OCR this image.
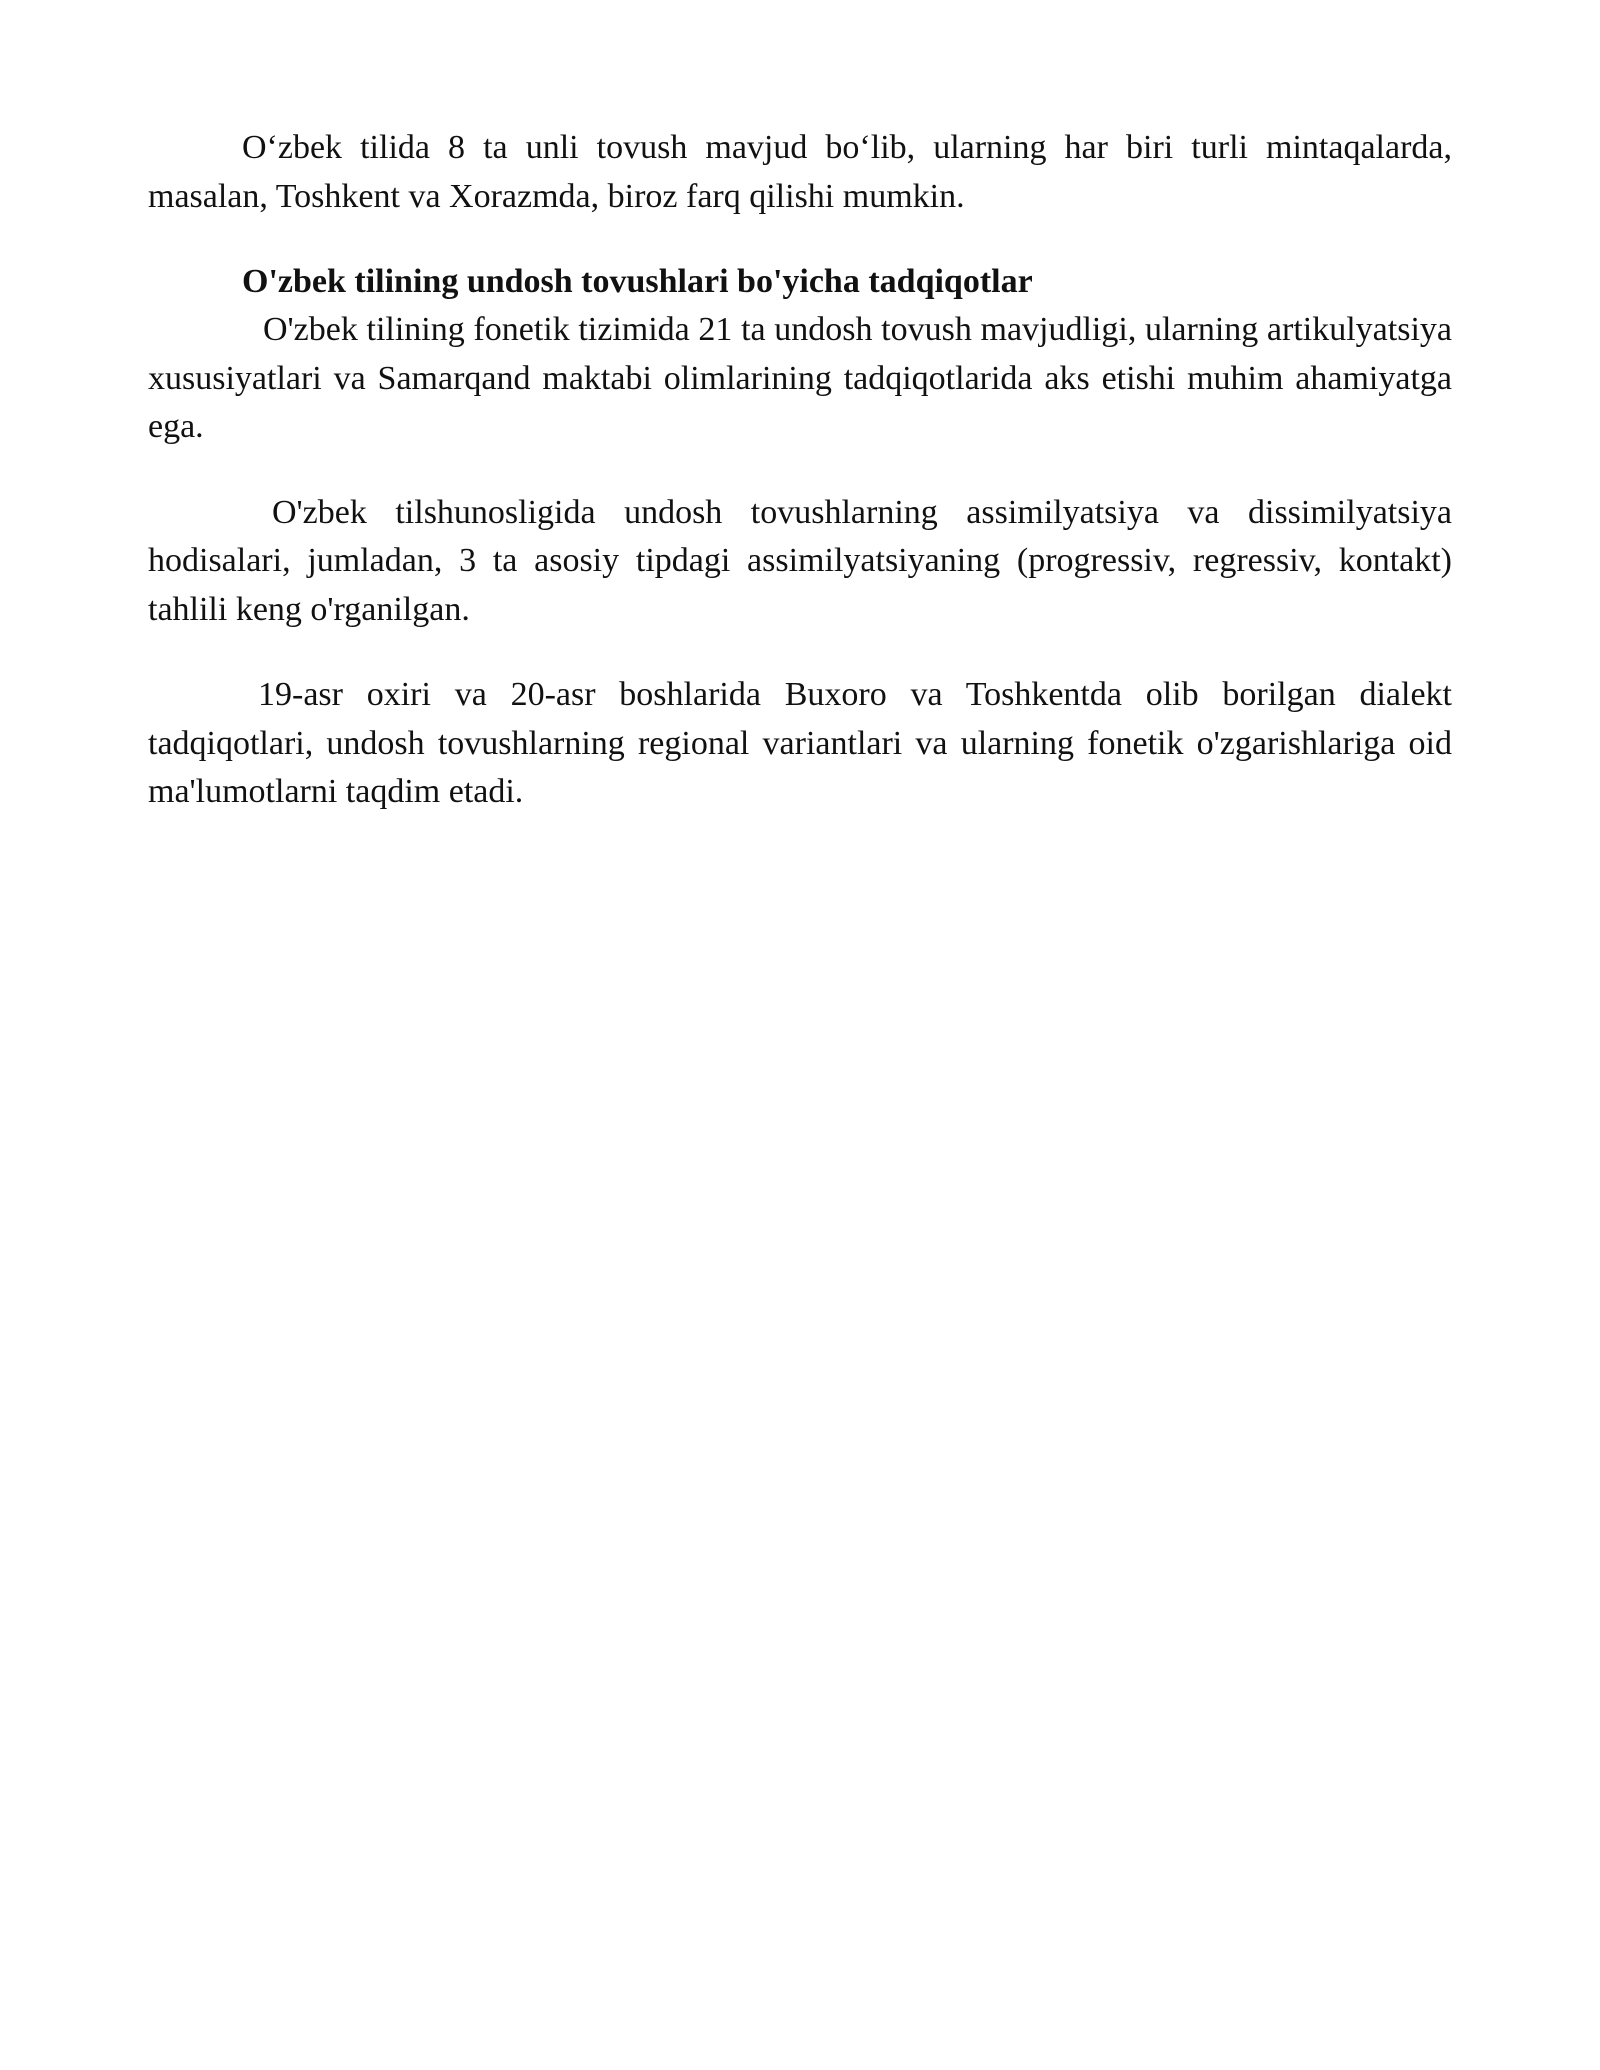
O‘zbek tilida 8 ta unli tovush mavjud bo‘lib, ularning har biri turli mintaqalarda, masalan, Toshkent va Xorazmda, biroz farq qilishi mumkin.

O'zbek tilining undosh tovushlari bo'yicha tadqiqotlar

O'zbek tilining fonetik tizimida 21 ta undosh tovush mavjudligi, ularning artikulyatsiya xususiyatlari va Samarqand maktabi olimlarining tadqiqotlarida aks etishi muhim ahamiyatga ega.

O'zbek tilshunosligida undosh tovushlarning assimilyatsiya va dissimilyatsiya hodisalari, jumladan, 3 ta asosiy tipdagi assimilyatsiyaning (progressiv, regressiv, kontakt) tahlili keng o'rganilgan.

19-asr oxiri va 20-asr boshlarida Buxoro va Toshkentda olib borilgan dialekt tadqiqotlari, undosh tovushlarning regional variantlari va ularning fonetik o'zgarishlariga oid ma'lumotlarni taqdim etadi.
